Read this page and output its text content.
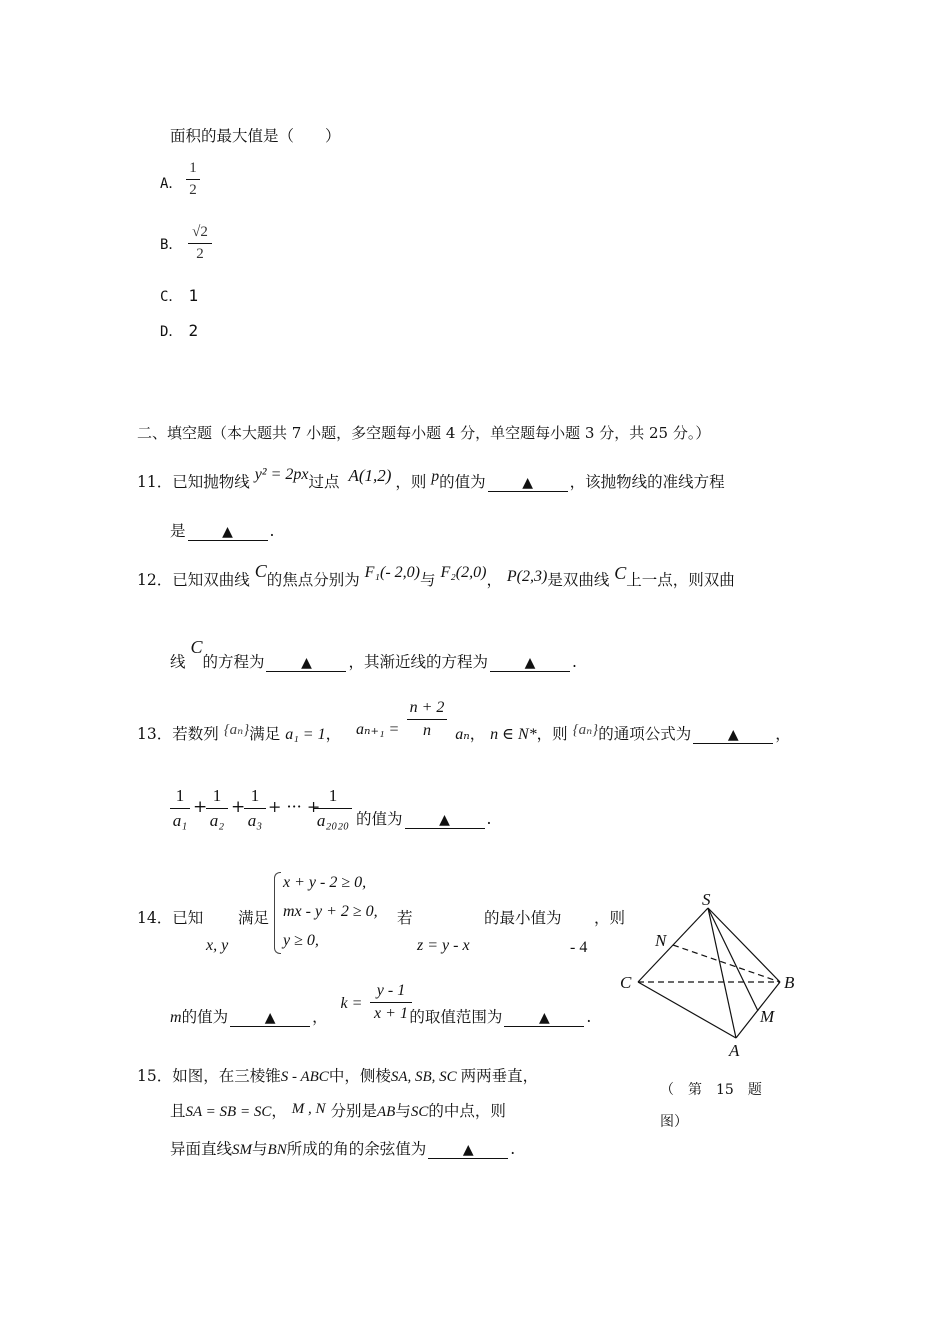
面积的最大值是（　　）
A．
1
2
B．
√2
2
C． 1
D． 2
二、填空题（本大题共 7 小题，多空题每小题 4 分，单空题每小题 3 分，共 25 分。）
11．已知抛物线 y² = 2px过点 A(1,2) ，则 p的值为	▲ ，该抛物线的准线方程
是	▲ .
12．已知双曲线 C的焦点分别为 F₁(- 2,0)与 F₂(2,0)， P(2,3)是双曲线 C上一点，则双曲
线 C的方程为	▲ ，其渐近线的方程为	▲ .
13．若数列 {aₙ}满足 a₁ = 1， aₙ₊₁ =	aₙ， n ∈ N*，则 {aₙ}的通项公式为	▲ ，
n + 2
n
1
a₁
+
1
a₂
+
1
a₃
+ ··· +
1
a₂₀₂₀ 的值为	▲ .
14．已知
x, y
满足
x + y - 2 ≥ 0,
mx - y + 2 ≥ 0,
y ≥ 0,
若
z = y - x
的最小值为
- 4
，则
m的值为	▲ ， k = 的取值范围为	▲ .
y - 1
x + 1
15．如图，在三棱锥S - ABC中，侧棱SA, SB, SC 两两垂直，
且SA = SB = SC， M , N 分别是AB与SC的中点，则
异面直线SM与BN所成的角的余弦值为	▲ .
S
N
C	B
M
A
（　第　15　题
图）
